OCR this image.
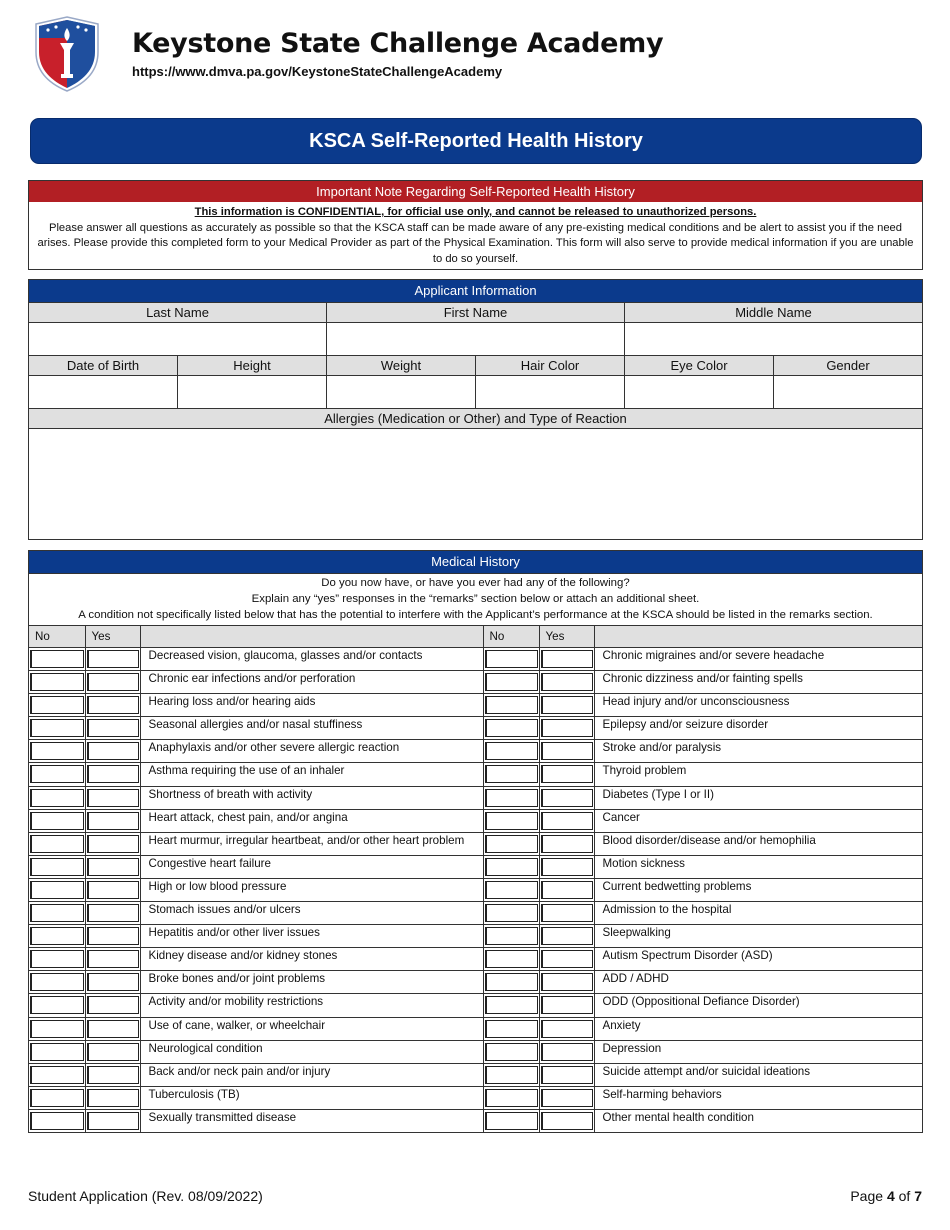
Keystone State Challenge Academy
https://www.dmva.pa.gov/KeystoneStateChallengeAcademy
KSCA Self-Reported Health History
Important Note Regarding Self-Reported Health History
This information is CONFIDENTIAL, for official use only, and cannot be released to unauthorized persons.
Please answer all questions as accurately as possible so that the KSCA staff can be made aware of any pre-existing medical conditions and be alert to assist you if the need arises. Please provide this completed form to your Medical Provider as part of the Physical Examination. This form will also serve to provide medical information if you are unable to do so yourself.
Applicant Information
Last Name	First Name	Middle Name
Date of Birth	Height	Weight	Hair Color	Eye Color	Gender
Allergies (Medication or Other) and Type of Reaction
Medical History
Do you now have, or have you ever had any of the following?
Explain any “yes” responses in the “remarks” section below or attach an additional sheet.
A condition not specifically listed below that has the potential to interfere with the Applicant’s performance at the KSCA should be listed in the remarks section.
No	Yes		No	Yes	

	Decreased vision, glaucoma, glasses and/or contacts			Chronic migraines and/or severe headache

	Chronic ear infections and/or perforation			Chronic dizziness and/or fainting spells

	Hearing loss and/or hearing aids			Head injury and/or unconsciousness

	Seasonal allergies and/or nasal stuffiness			Epilepsy and/or seizure disorder

	Anaphylaxis and/or other severe allergic reaction			Stroke and/or paralysis

	Asthma requiring the use of an inhaler			Thyroid problem

	Shortness of breath with activity			Diabetes (Type I or II)

	Heart attack, chest pain, and/or angina			Cancer

	Heart murmur, irregular heartbeat, and/or other heart problem			Blood disorder/disease and/or hemophilia

	Congestive heart failure			Motion sickness

	High or low blood pressure			Current bedwetting problems

	Stomach issues and/or ulcers			Admission to the hospital

	Hepatitis and/or other liver issues			Sleepwalking

	Kidney disease and/or kidney stones			Autism Spectrum Disorder (ASD)

	Broke bones and/or joint problems			ADD / ADHD

	Activity and/or mobility restrictions			ODD (Oppositional Defiance Disorder)

	Use of cane, walker, or wheelchair			Anxiety

	Neurological condition			Depression

	Back and/or neck pain and/or injury			Suicide attempt and/or suicidal ideations

	Tuberculosis (TB)			Self-harming behaviors

	Sexually transmitted disease			Other mental health condition
Student Application (Rev. 08/09/2022)	Page 4 of 7
